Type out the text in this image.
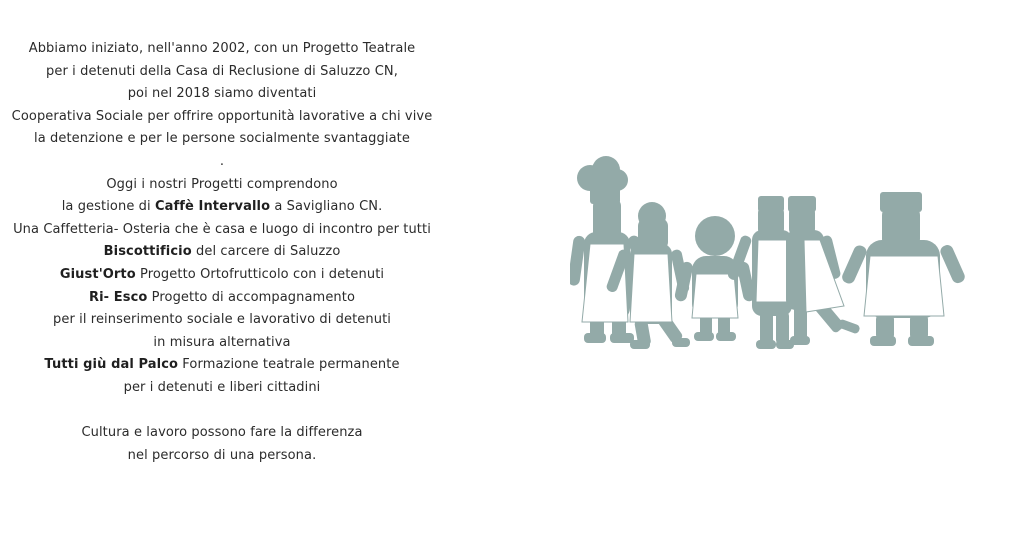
Abbiamo iniziato, nell'anno 2002, con un Progetto Teatrale
per i detenuti della Casa di Reclusione di Saluzzo CN,
poi nel 2018 siamo diventati
Cooperativa Sociale per offrire opportunità lavorative a chi vive
la detenzione e per le persone socialmente svantaggiate
.
Oggi i nostri Progetti comprendono
la gestione di Caffè Intervallo a Savigliano CN.
Una Caffetteria- Osteria che è casa e luogo di incontro per tutti
Biscottificio del carcere di Saluzzo
Giust'Orto Progetto Ortofrutticolo con i detenuti
Ri- Esco Progetto di accompagnamento
per il reinserimento sociale e lavorativo di detenuti
in misura alternativa
Tutti giù dal Palco Formazione teatrale permanente
per i detenuti e liberi cittadini
Cultura e lavoro possono fare la differenza
nel percorso di una persona.
